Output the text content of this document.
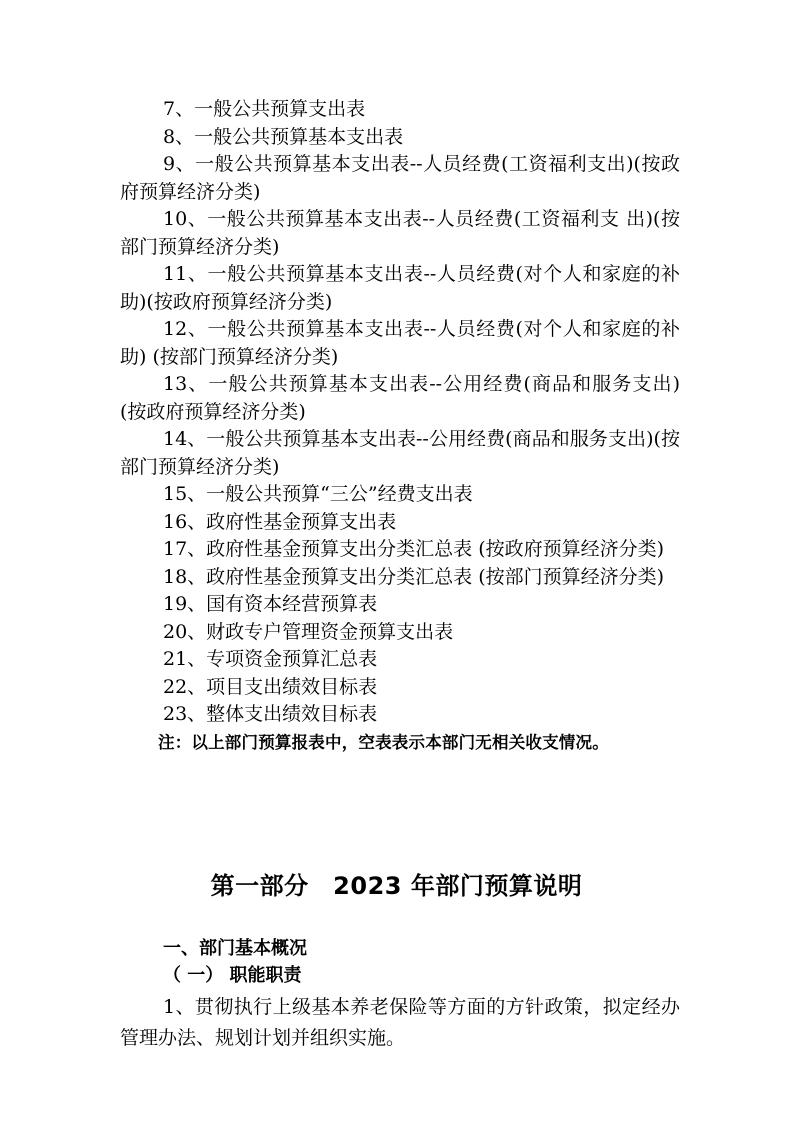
7、一般公共预算支出表

8、一般公共预算基本支出表

9、一般公共预算基本支出表--人员经费(工资福利支出)(按政府预算经济分类)

10、一般公共预算基本支出表--人员经费(工资福利支 出)(按部门预算经济分类)

11、一般公共预算基本支出表--人员经费(对个人和家庭的补助)(按政府预算经济分类)

12、一般公共预算基本支出表--人员经费(对个人和家庭的补助) (按部门预算经济分类)

13、一般公共预算基本支出表--公用经费(商品和服务支出) (按政府预算经济分类)

14、一般公共预算基本支出表--公用经费(商品和服务支出)(按部门预算经济分类)

15、一般公共预算“三公”经费支出表

16、政府性基金预算支出表

17、政府性基金预算支出分类汇总表 (按政府预算经济分类)

18、政府性基金预算支出分类汇总表 (按部门预算经济分类)

19、国有资本经营预算表

20、财政专户管理资金预算支出表

21、专项资金预算汇总表

22、项目支出绩效目标表

23、整体支出绩效目标表

注：以上部门预算报表中，空表表示本部门无相关收支情况。

第一部分　2023 年部门预算说明
一、部门基本概况
（ 一） 职能职责

1、贯彻执行上级基本养老保险等方面的方针政策，拟定经办管理办法、规划计划并组织实施。
